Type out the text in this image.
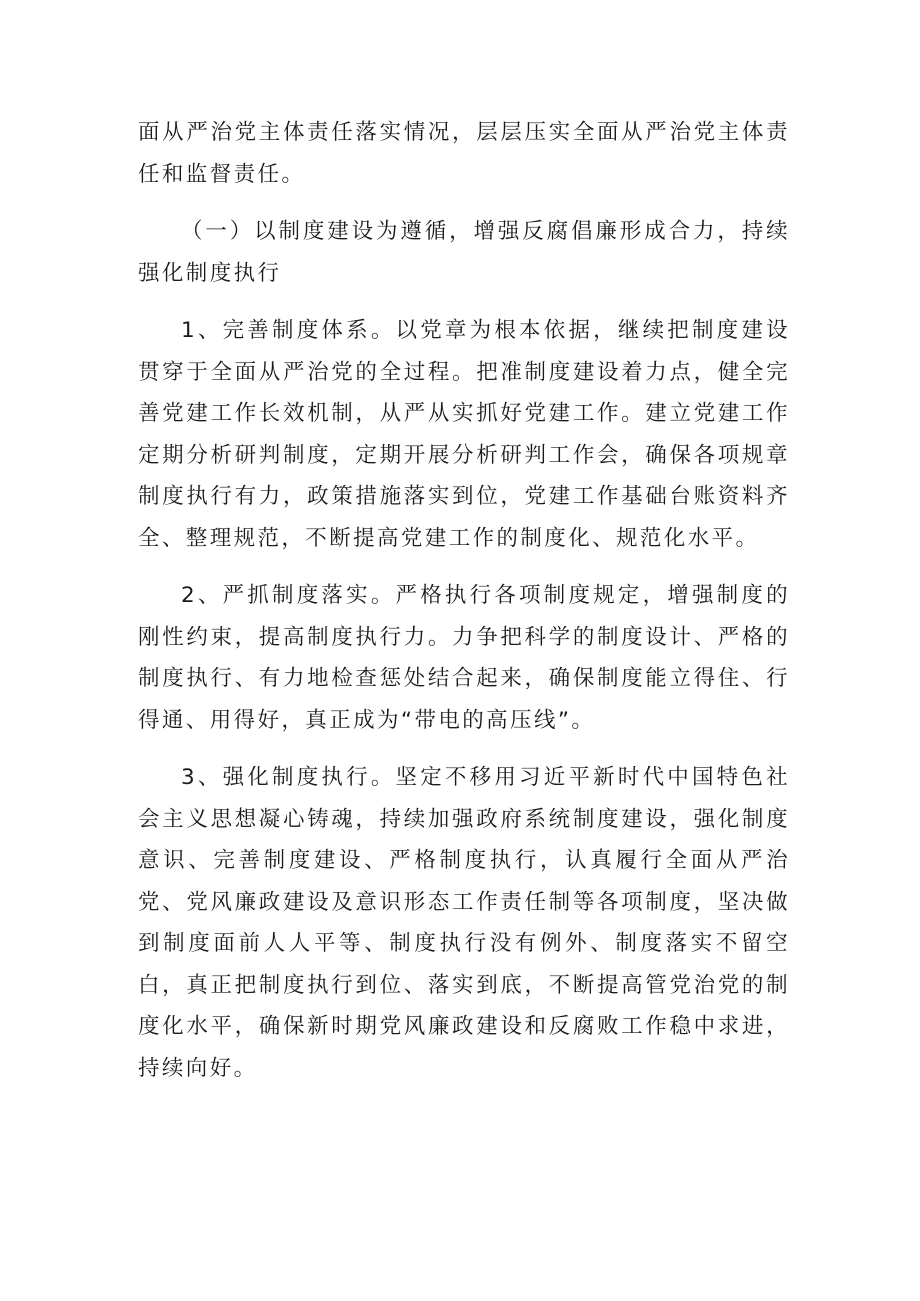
面从严治党主体责任落实情况，层层压实全面从严治党主体责任和监督责任。

（一）以制度建设为遵循，增强反腐倡廉形成合力，持续强化制度执行

1、完善制度体系。以党章为根本依据，继续把制度建设贯穿于全面从严治党的全过程。把准制度建设着力点，健全完善党建工作长效机制，从严从实抓好党建工作。建立党建工作定期分析研判制度，定期开展分析研判工作会，确保各项规章制度执行有力，政策措施落实到位，党建工作基础台账资料齐全、整理规范，不断提高党建工作的制度化、规范化水平。

2、严抓制度落实。严格执行各项制度规定，增强制度的刚性约束，提高制度执行力。力争把科学的制度设计、严格的制度执行、有力地检查惩处结合起来，确保制度能立得住、行得通、用得好，真正成为“带电的高压线”。

3、强化制度执行。坚定不移用习近平新时代中国特色社会主义思想凝心铸魂，持续加强政府系统制度建设，强化制度意识、完善制度建设、严格制度执行，认真履行全面从严治党、党风廉政建设及意识形态工作责任制等各项制度，坚决做到制度面前人人平等、制度执行没有例外、制度落实不留空白，真正把制度执行到位、落实到底，不断提高管党治党的制度化水平，确保新时期党风廉政建设和反腐败工作稳中求进，持续向好。
